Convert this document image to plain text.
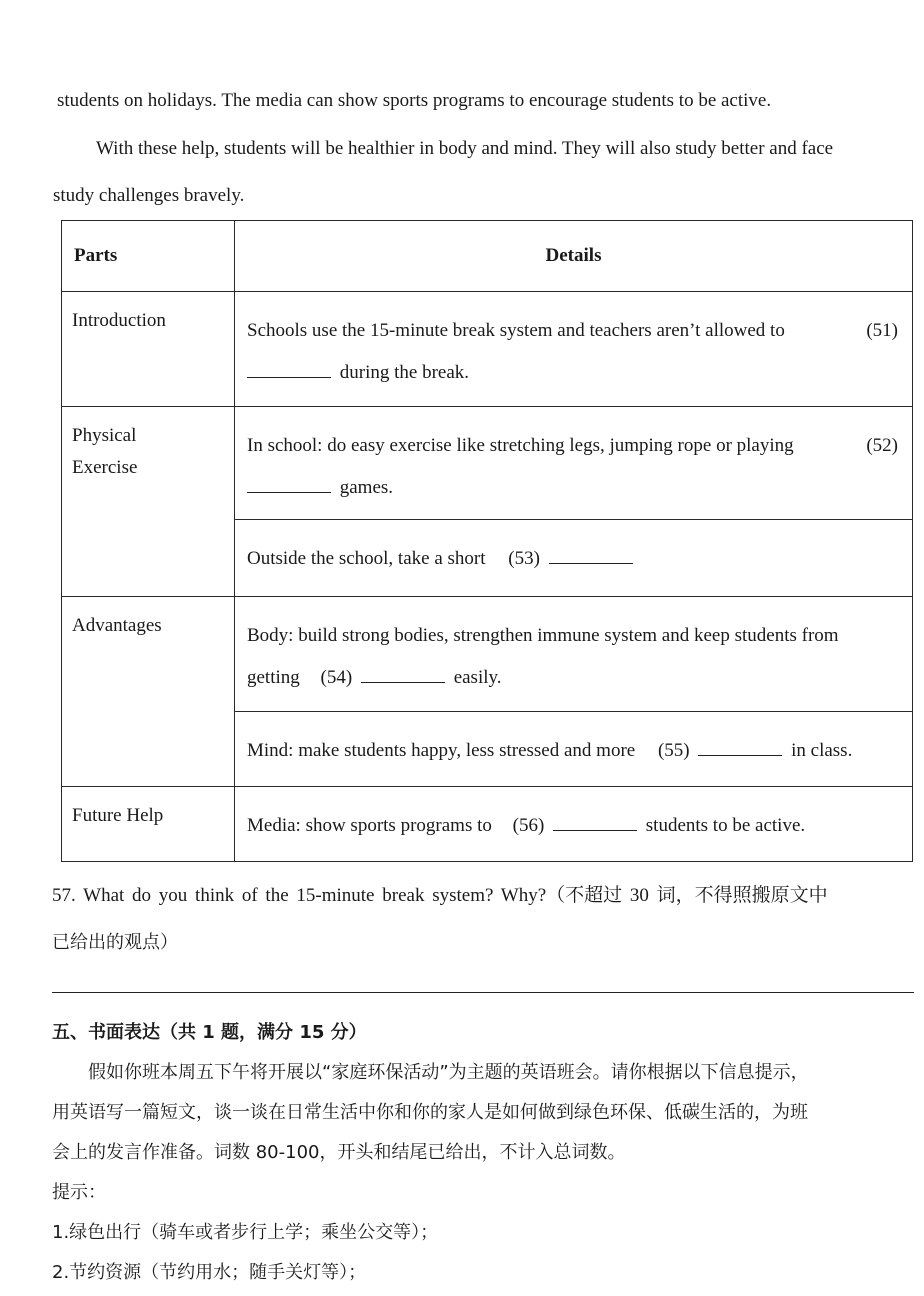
students on holidays. The media can show sports programs to encourage students to be active.
With these help, students will be healthier in body and mind. They will also study better and face
study challenges bravely.
Parts	Details
Introduction	Schools use the 15-minute break system and teachers aren’t allowed to (51)

during the break.
Physical
Exercise	In school: do easy exercise like stretching legs, jumping rope or playing (52)

games.
	Outside the school, take a short (53)
Advantages	Body: build strong bodies, strengthen immune system and keep students from
getting (54) easily.
	Mind: make students happy, less stressed and more (55) in class.
Future Help	Media: show sports programs to (56) students to be active.
57. What do you think of the 15-minute break system? Why?（不超过 30 词，不得照搬原文中
已给出的观点）
五、书面表达（共 1 题，满分 15 分）
假如你班本周五下午将开展以“家庭环保活动”为主题的英语班会。请你根据以下信息提示，
用英语写一篇短文，谈一谈在日常生活中你和你的家人是如何做到绿色环保、低碳生活的，为班
会上的发言作准备。词数 80-100，开头和结尾已给出，不计入总词数。
提示：
1.绿色出行（骑车或者步行上学；乘坐公交等）；
2.节约资源（节约用水；随手关灯等）；
